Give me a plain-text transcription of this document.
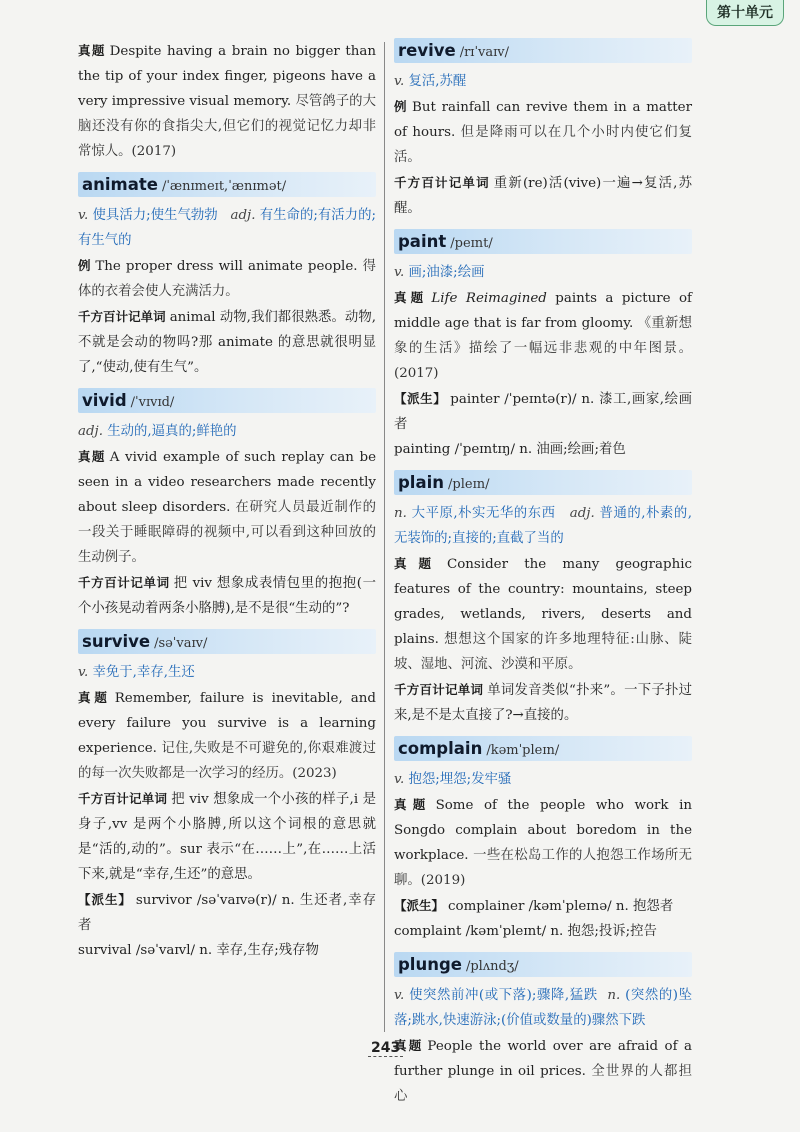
第十单元

真题 Despite having a brain no bigger than the tip of your index finger, pigeons have a very impressive visual memory. 尽管鸽子的大脑还没有你的食指尖大,但它们的视觉记忆力却非常惊人。(2017)

animate /ˈænɪmeɪt,ˈænɪmət/

v. 使具活力;使生气勃勃 adj. 有生命的;有活力的;有生气的

例 The proper dress will animate people. 得体的衣着会使人充满活力。

千方百计记单词 animal 动物,我们都很熟悉。动物,不就是会动的物吗?那 animate 的意思就很明显了,“使动,使有生气”。

vivid /ˈvɪvɪd/

adj. 生动的,逼真的;鲜艳的

真题 A vivid example of such replay can be seen in a video researchers made recently about sleep disorders. 在研究人员最近制作的一段关于睡眠障碍的视频中,可以看到这种回放的生动例子。

千方百计记单词 把 viv 想象成表情包里的抱抱(一个小孩晃动着两条小胳膊),是不是很“生动的”?

survive /səˈvaɪv/

v. 幸免于,幸存,生还

真题 Remember, failure is inevitable, and every failure you survive is a learning experience. 记住,失败是不可避免的,你艰难渡过的每一次失败都是一次学习的经历。(2023)

千方百计记单词 把 viv 想象成一个小孩的样子,i 是身子,vv 是两个小胳膊,所以这个词根的意思就是“活的,动的”。sur 表示“在……上”,在……上活下来,就是“幸存,生还”的意思。

【派生】 survivor /səˈvaɪvə(r)/ n. 生还者,幸存者

survival /səˈvaɪvl/ n. 幸存,生存;残存物

revive /rɪˈvaɪv/

v. 复活,苏醒

例 But rainfall can revive them in a matter of hours. 但是降雨可以在几个小时内使它们复活。

千方百计记单词 重新(re)活(vive)一遍→复活,苏醒。

paint /peɪnt/

v. 画;油漆;绘画

真题 Life Reimagined paints a picture of middle age that is far from gloomy. 《重新想象的生活》描绘了一幅远非悲观的中年图景。(2017)

【派生】 painter /ˈpeɪntə(r)/ n. 漆工,画家,绘画者

painting /ˈpeɪntɪŋ/ n. 油画;绘画;着色

plain /pleɪn/

n. 大平原,朴实无华的东西 adj. 普通的,朴素的,无装饰的;直接的;直截了当的

真题 Consider the many geographic features of the country: mountains, steep grades, wetlands, rivers, deserts and plains. 想想这个国家的许多地理特征:山脉、陡坡、湿地、河流、沙漠和平原。

千方百计记单词 单词发音类似“扑来”。一下子扑过来,是不是太直接了?→直接的。

complain /kəmˈpleɪn/

v. 抱怨;埋怨;发牢骚

真题 Some of the people who work in Songdo complain about boredom in the workplace. 一些在松岛工作的人抱怨工作场所无聊。(2019)

【派生】 complainer /kəmˈpleɪnə/ n. 抱怨者

complaint /kəmˈpleɪnt/ n. 抱怨;投诉;控告

plunge /plʌndʒ/

v. 使突然前冲(或下落);骤降,猛跌 n. (突然的)坠落;跳水,快速游泳;(价值或数量的)骤然下跌

真题 People the world over are afraid of a further plunge in oil prices. 全世界的人都担心

243
